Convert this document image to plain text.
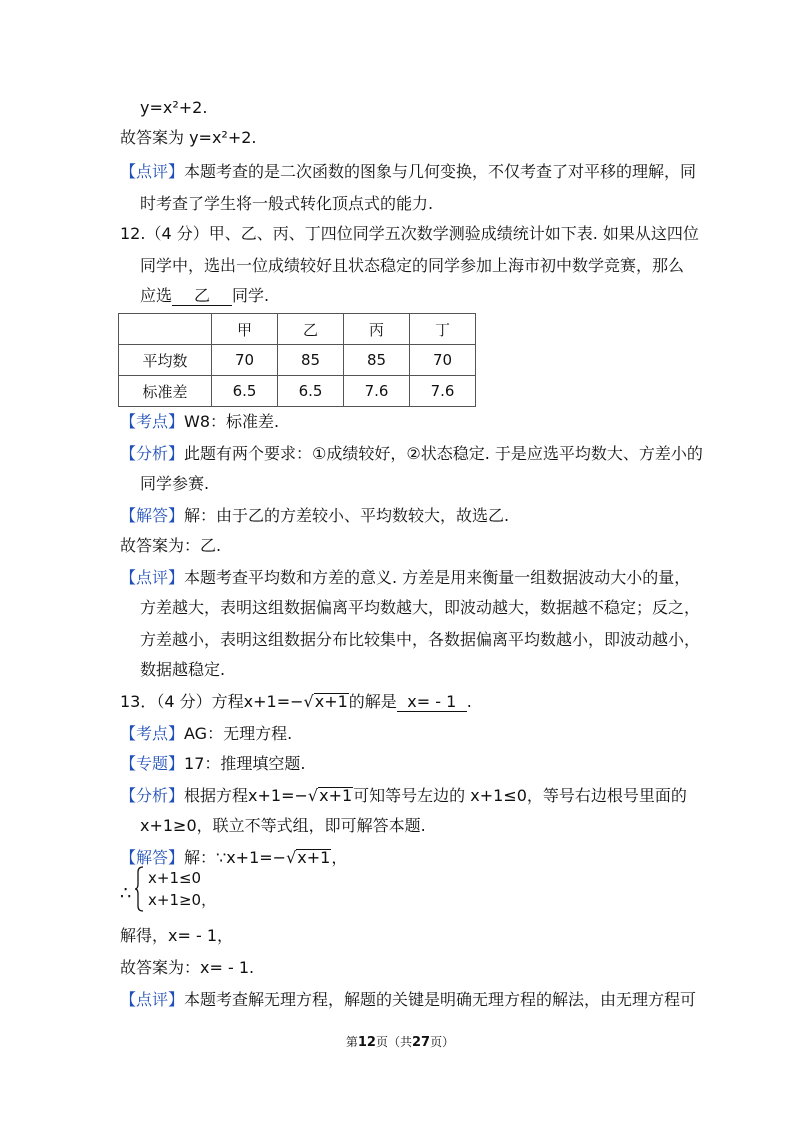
y=x²+2.
故答案为 y=x²+2.
【点评】本题考查的是二次函数的图象与几何变换，不仅考查了对平移的理解，同
时考查了学生将一般式转化顶点式的能力.
12.（4 分）甲、乙、丙、丁四位同学五次数学测验成绩统计如下表. 如果从这四位
同学中，选出一位成绩较好且状态稳定的同学参加上海市初中数学竞赛，那么
应选 乙 同学.
	甲	乙	丙	丁
平均数	70	85	85	70
标准差	6.5	6.5	7.6	7.6
【考点】W8：标准差.
【分析】此题有两个要求：①成绩较好，②状态稳定. 于是应选平均数大、方差小的
同学参赛.
【解答】解：由于乙的方差较小、平均数较大，故选乙.
故答案为：乙.
【点评】本题考查平均数和方差的意义. 方差是用来衡量一组数据波动大小的量，
方差越大，表明这组数据偏离平均数越大，即波动越大，数据越不稳定；反之，
方差越小，表明这组数据分布比较集中，各数据偏离平均数越小，即波动越小，
数据越稳定.
13．（4 分）方程x+1=−√x+1的解是 x= - 1 .
【考点】AG：无理方程.
【专题】17：推理填空题.
【分析】根据方程x+1=−√x+1可知等号左边的 x+1≤0，等号右边根号里面的
x+1≥0，联立不等式组，即可解答本题.
【解答】解：∵x+1=−√x+1，
∴
x+1≤0
x+1≥0，
解得，x= - 1，
故答案为：x= - 1.
【点评】本题考查解无理方程，解题的关键是明确无理方程的解法，由无理方程可
第12页（共27页）
